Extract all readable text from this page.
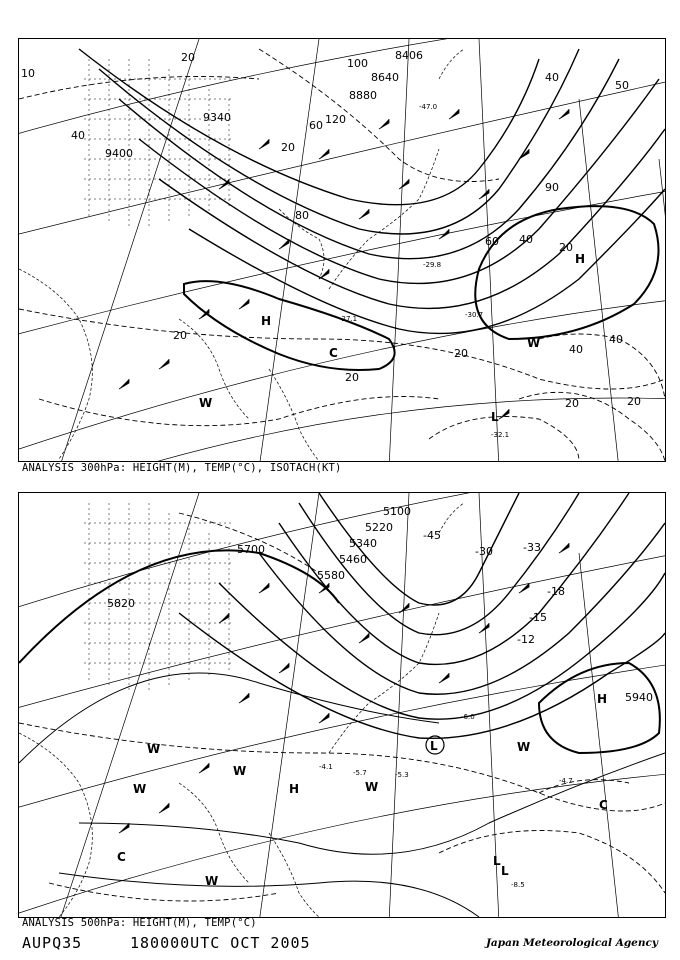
8406
8640
8880
9340
9400
20
40
60
80
100
120
20
40
60
90
20
20
40
40
20
20
20	20
40
50
10
-32.1
-30.7
-29.8
-27.1
-47.0
H
H
C
W
W
L
ANALYSIS 300hPa: HEIGHT(M), TEMP(°C), ISOTACH(KT)
5100
5220
5340
5460
5580
5700
5820
5940
-45
-30	-33
-15
-18
-12
-6.0
-5.3
-8.5
-4.1
-4.7
-5.7
H
L
L
W
W
W
W
H
C
C	L
W
W
ANALYSIS 500hPa: HEIGHT(M), TEMP(°C)
AUPQ35	180000UTC OCT 2005	Japan Meteorological Agency
